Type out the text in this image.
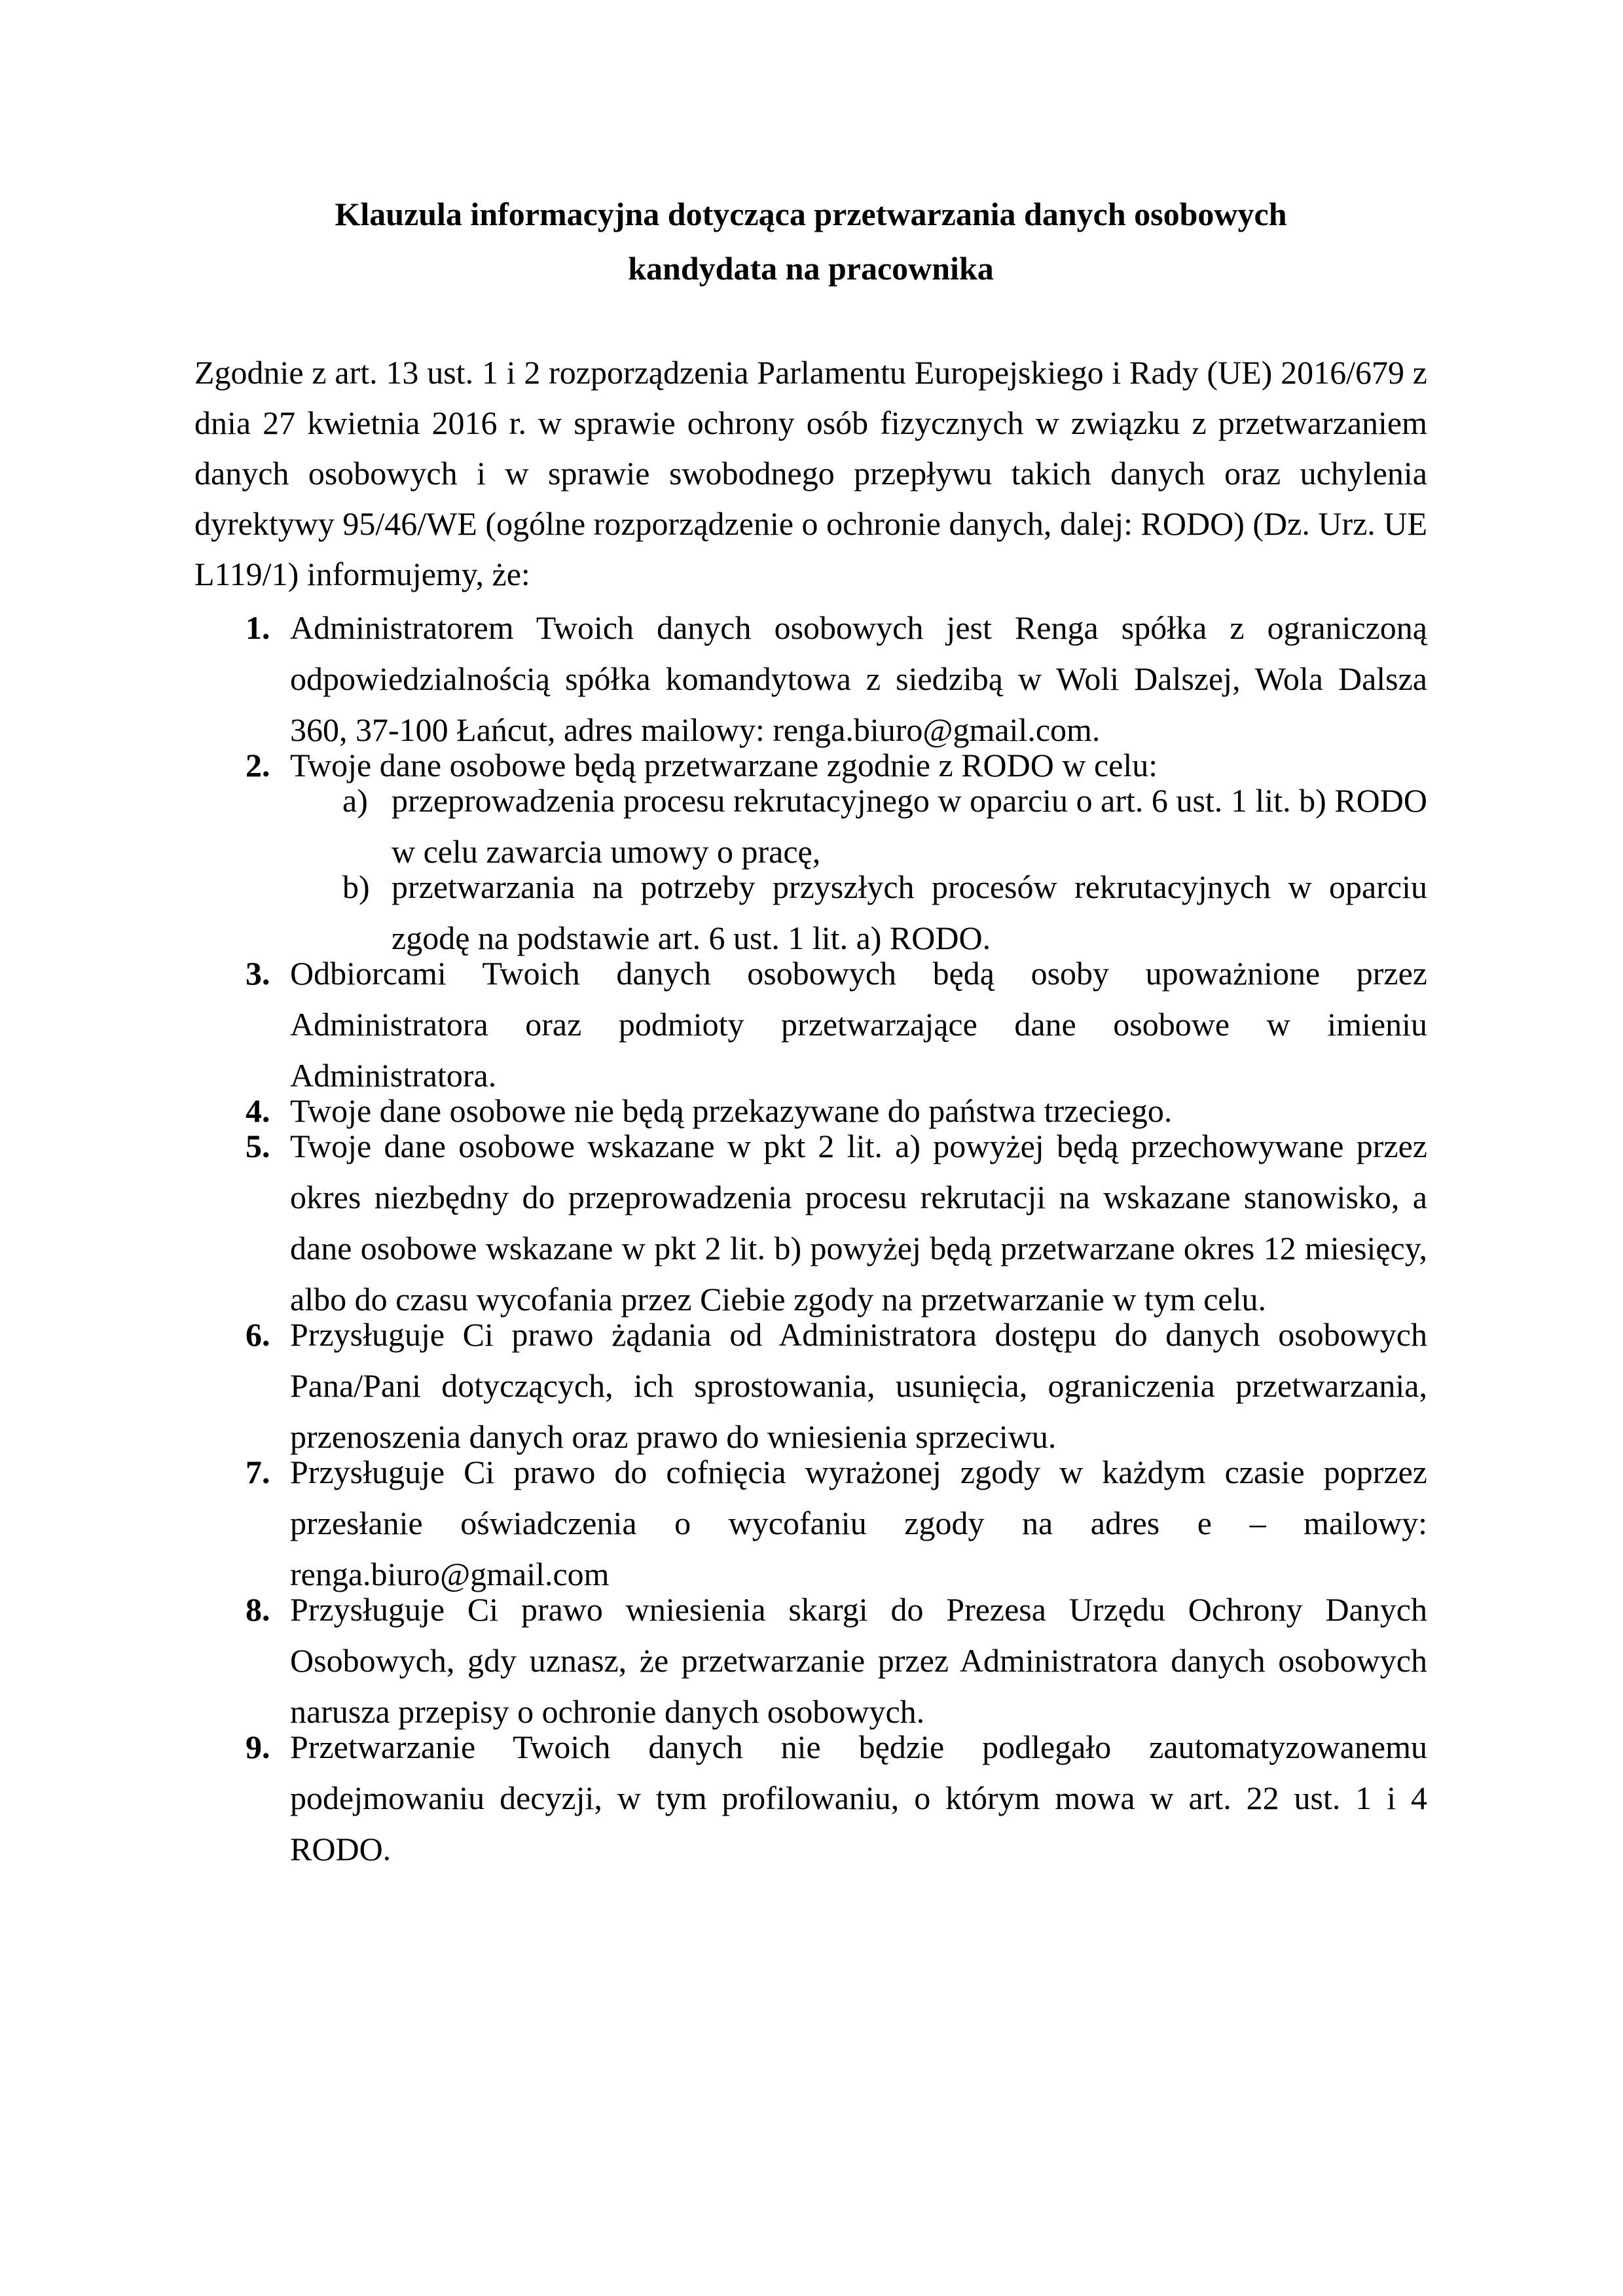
Klauzula informacyjna dotycząca przetwarzania danych osobowych
kandydata na pracownika

Zgodnie z art. 13 ust. 1 i 2 rozporządzenia Parlamentu Europejskiego i Rady (UE) 2016/679 z dnia 27 kwietnia 2016 r. w sprawie ochrony osób fizycznych w związku z przetwarzaniem danych osobowych i w sprawie swobodnego przepływu takich danych oraz uchylenia dyrektywy 95/46/WE (ogólne rozporządzenie o ochronie danych, dalej: RODO) (Dz. Urz. UE L119/1) informujemy, że:

1. Administratorem Twoich danych osobowych jest Renga spółka z ograniczoną odpowiedzialnością spółka komandytowa z siedzibą w Woli Dalszej, Wola Dalsza 360, 37-100 Łańcut, adres mailowy: renga.biuro@gmail.com.
2. Twoje dane osobowe będą przetwarzane zgodnie z RODO w celu:
a) przeprowadzenia procesu rekrutacyjnego w oparciu o art. 6 ust. 1 lit. b) RODO w celu zawarcia umowy o pracę,
b) przetwarzania na potrzeby przyszłych procesów rekrutacyjnych w oparciu zgodę na podstawie art. 6 ust. 1 lit. a) RODO.
3. Odbiorcami Twoich danych osobowych będą osoby upoważnione przez Administratora oraz podmioty przetwarzające dane osobowe w imieniu Administratora.
4. Twoje dane osobowe nie będą przekazywane do państwa trzeciego.
5. Twoje dane osobowe wskazane w pkt 2 lit. a) powyżej będą przechowywane przez okres niezbędny do przeprowadzenia procesu rekrutacji na wskazane stanowisko, a dane osobowe wskazane w pkt 2 lit. b) powyżej będą przetwarzane okres 12 miesięcy, albo do czasu wycofania przez Ciebie zgody na przetwarzanie w tym celu.
6. Przysługuje Ci prawo żądania od Administratora dostępu do danych osobowych Pana/Pani dotyczących, ich sprostowania, usunięcia, ograniczenia przetwarzania, przenoszenia danych oraz prawo do wniesienia sprzeciwu.
7. Przysługuje Ci prawo do cofnięcia wyrażonej zgody w każdym czasie poprzez przesłanie oświadczenia o wycofaniu zgody na adres e – mailowy: renga.biuro@gmail.com
8. Przysługuje Ci prawo wniesienia skargi do Prezesa Urzędu Ochrony Danych Osobowych, gdy uznasz, że przetwarzanie przez Administratora danych osobowych narusza przepisy o ochronie danych osobowych.
9. Przetwarzanie Twoich danych nie będzie podlegało zautomatyzowanemu podejmowaniu decyzji, w tym profilowaniu, o którym mowa w art. 22 ust. 1 i 4 RODO.
